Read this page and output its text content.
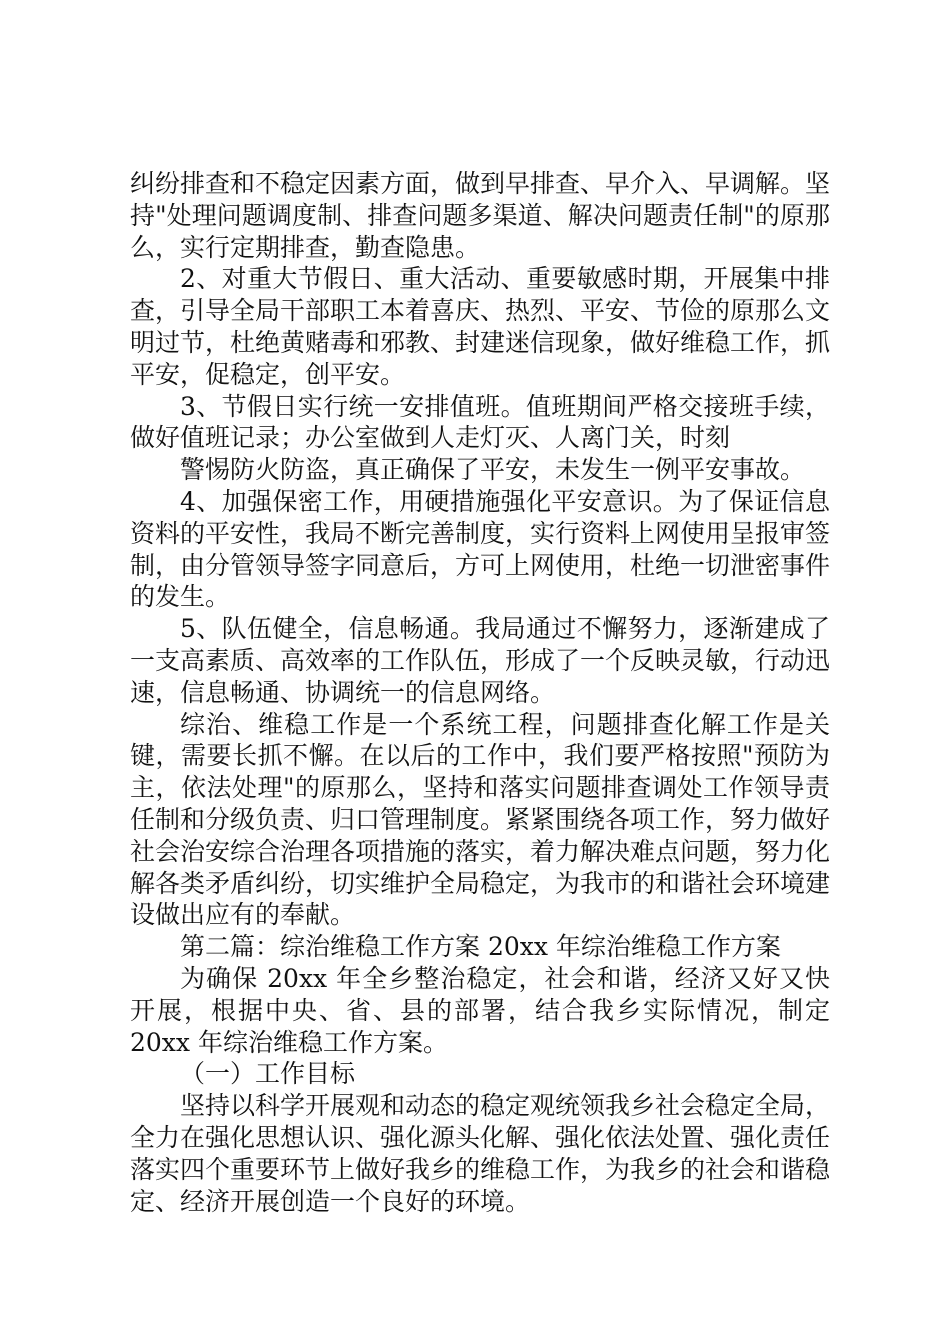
纠纷排查和不稳定因素方面，做到早排查、早介入、早调解。坚持"处理问题调度制、排查问题多渠道、解决问题责任制"的原那么，实行定期排查，勤查隐患。

2、对重大节假日、重大活动、重要敏感时期，开展集中排查，引导全局干部职工本着喜庆、热烈、平安、节俭的原那么文明过节，杜绝黄赌毒和邪教、封建迷信现象，做好维稳工作，抓平安，促稳定，创平安。

3、节假日实行统一安排值班。值班期间严格交接班手续，做好值班记录；办公室做到人走灯灭、人离门关，时刻

警惕防火防盗，真正确保了平安，未发生一例平安事故。

4、加强保密工作，用硬措施强化平安意识。为了保证信息资料的平安性，我局不断完善制度，实行资料上网使用呈报审签制，由分管领导签字同意后，方可上网使用，杜绝一切泄密事件的发生。

5、队伍健全，信息畅通。我局通过不懈努力，逐渐建成了一支高素质、高效率的工作队伍，形成了一个反映灵敏，行动迅速，信息畅通、协调统一的信息网络。

综治、维稳工作是一个系统工程，问题排查化解工作是关键，需要长抓不懈。在以后的工作中，我们要严格按照"预防为主，依法处理"的原那么，坚持和落实问题排查调处工作领导责任制和分级负责、归口管理制度。紧紧围绕各项工作，努力做好社会治安综合治理各项措施的落实，着力解决难点问题，努力化解各类矛盾纠纷，切实维护全局稳定，为我市的和谐社会环境建设做出应有的奉献。

第二篇：综治维稳工作方案 20xx 年综治维稳工作方案

为确保 20xx 年全乡整治稳定，社会和谐，经济又好又快开展，根据中央、省、县的部署，结合我乡实际情况，制定 20xx 年综治维稳工作方案。

（一）工作目标

坚持以科学开展观和动态的稳定观统领我乡社会稳定全局，全力在强化思想认识、强化源头化解、强化依法处置、强化责任落实四个重要环节上做好我乡的维稳工作，为我乡的社会和谐稳定、经济开展创造一个良好的环境。
